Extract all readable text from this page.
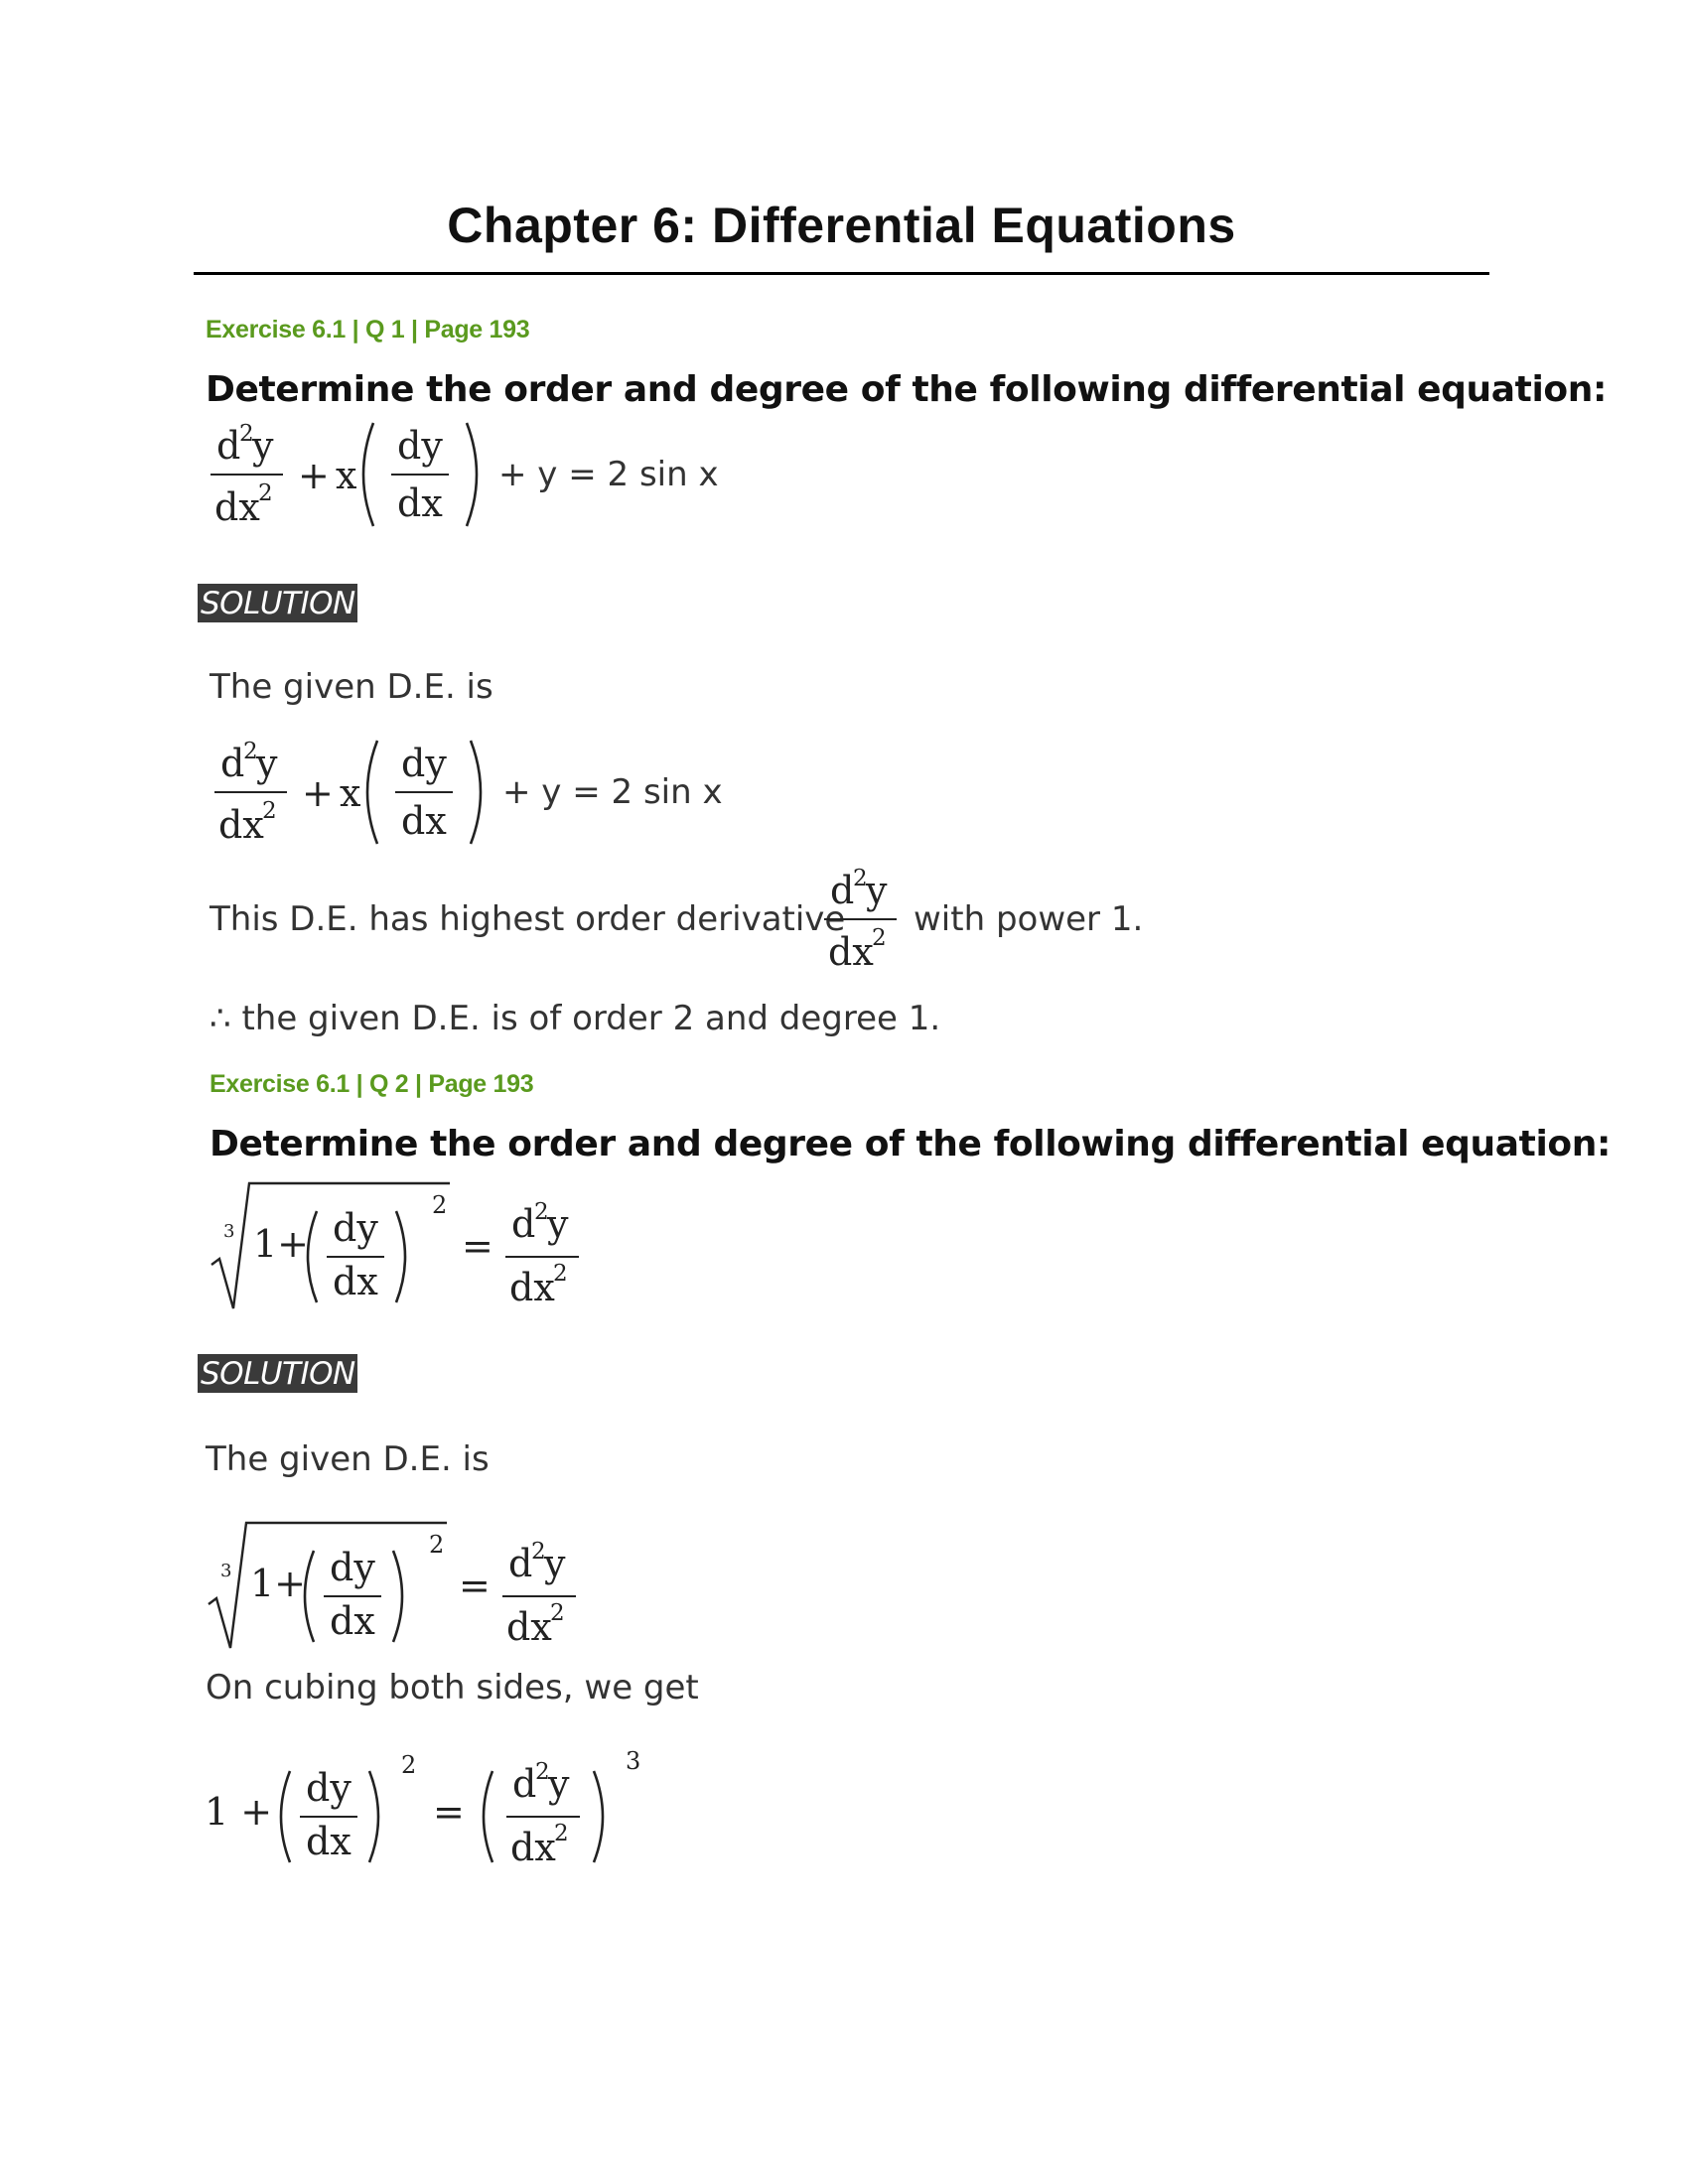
Chapter 6: Differential Equations
Exercise 6.1 | Q 1 | Page 193
Determine the order and degree of the following differential equation:
d
2
y
dx
2 + x
dy
dx
+ y = 2 sin x
SOLUTION
The given D.E. is
d
2
y
dx
2 + x
dy
dx
+ y = 2 sin x
This D.E. has highest order derivative
d
2
y
dx
2 with power 1.
∴ the given D.E. is of order 2 and degree 1.
Exercise 6.1 | Q 2 | Page 193
Determine the order and degree of the following differential equation:
3 1+ dy
dx
2
= d
2
y
dx
2
SOLUTION
The given D.E. is
3 1+ dy
dx
2
= d
2
y
dx
2
On cubing both sides, we get
1 +
dy
dx
2
=
d
2
y
dx
2
3
